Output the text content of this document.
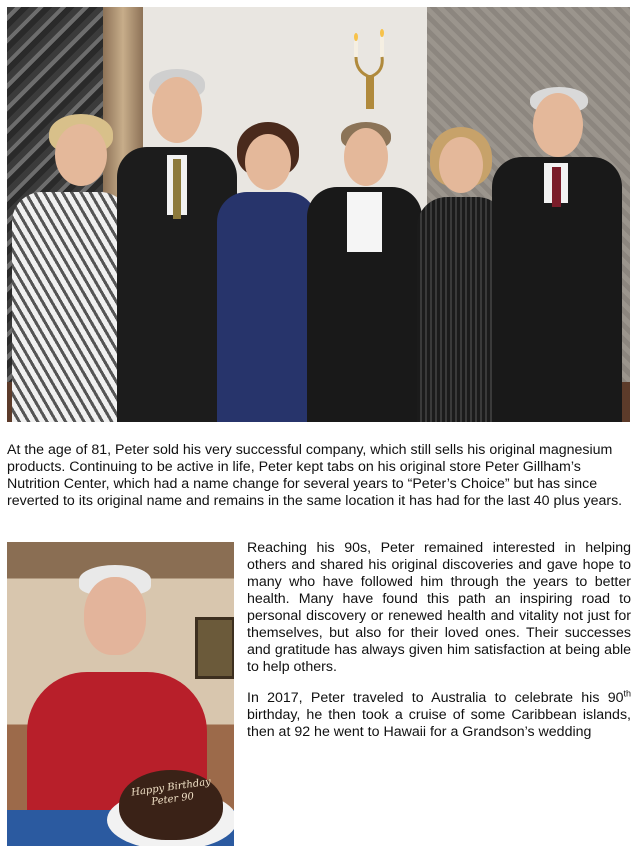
At the age of 81, Peter sold his very successful company, which still sells his original magnesium products. Continuing to be active in life, Peter kept tabs on his original store Peter Gillham’s Nutrition Center, which had a name change for several years to “Peter’s Choice” but has since reverted to its original name and remains in the same location it has had for the last 40 plus years.

Happy Birthday Peter 90

Reaching his 90s, Peter remained interested in helping others and shared his original discoveries and gave hope to many who have followed him through the years to better health. Many have found this path an inspiring road to personal discovery or renewed health and vitality not just for themselves, but also for their loved ones. Their successes and gratitude has always given him satisfaction at being able to help others.

In 2017, Peter traveled to Australia to celebrate his 90th birthday, he then took a cruise of some Caribbean islands, then at 92 he went to Hawaii for a Grandson’s wedding
